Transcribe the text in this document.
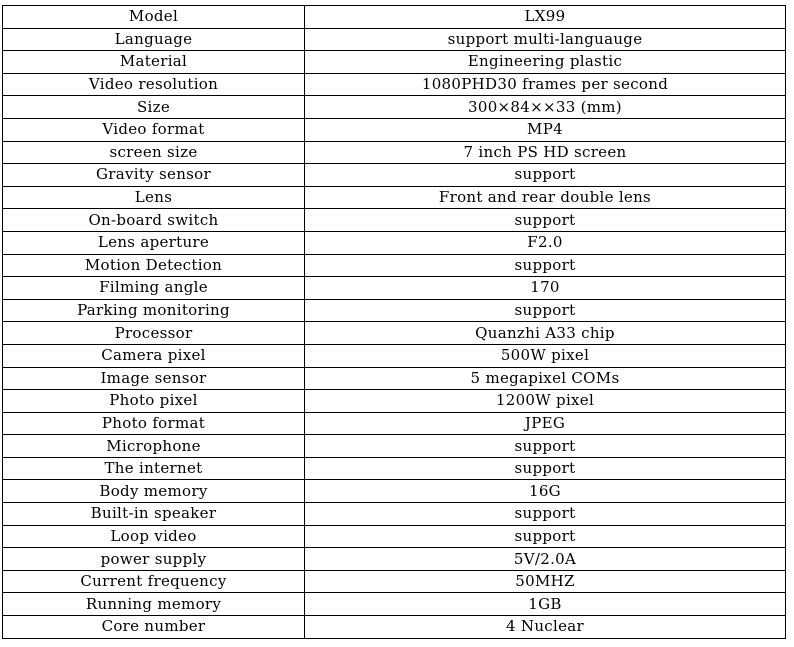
Model	LX99
Language	support multi-languauge
Material	Engineering plastic
Video resolution	1080PHD30 frames per second
Size	300×84××33 (mm)
Video format	MP4
screen size	7 inch PS HD screen
Gravity sensor	support
Lens	Front and rear double lens
On-board switch	support
Lens aperture	F2.0
Motion Detection	support
Filming angle	170
Parking monitoring	support
Processor	Quanzhi A33 chip
Camera pixel	500W pixel
Image sensor	5 megapixel COMs
Photo pixel	1200W pixel
Photo format	JPEG
Microphone	support
The internet	support
Body memory	16G
Built-in speaker	support
Loop video	support
power supply	5V/2.0A
Current frequency	50MHZ
Running memory	1GB
Core number	4 Nuclear
